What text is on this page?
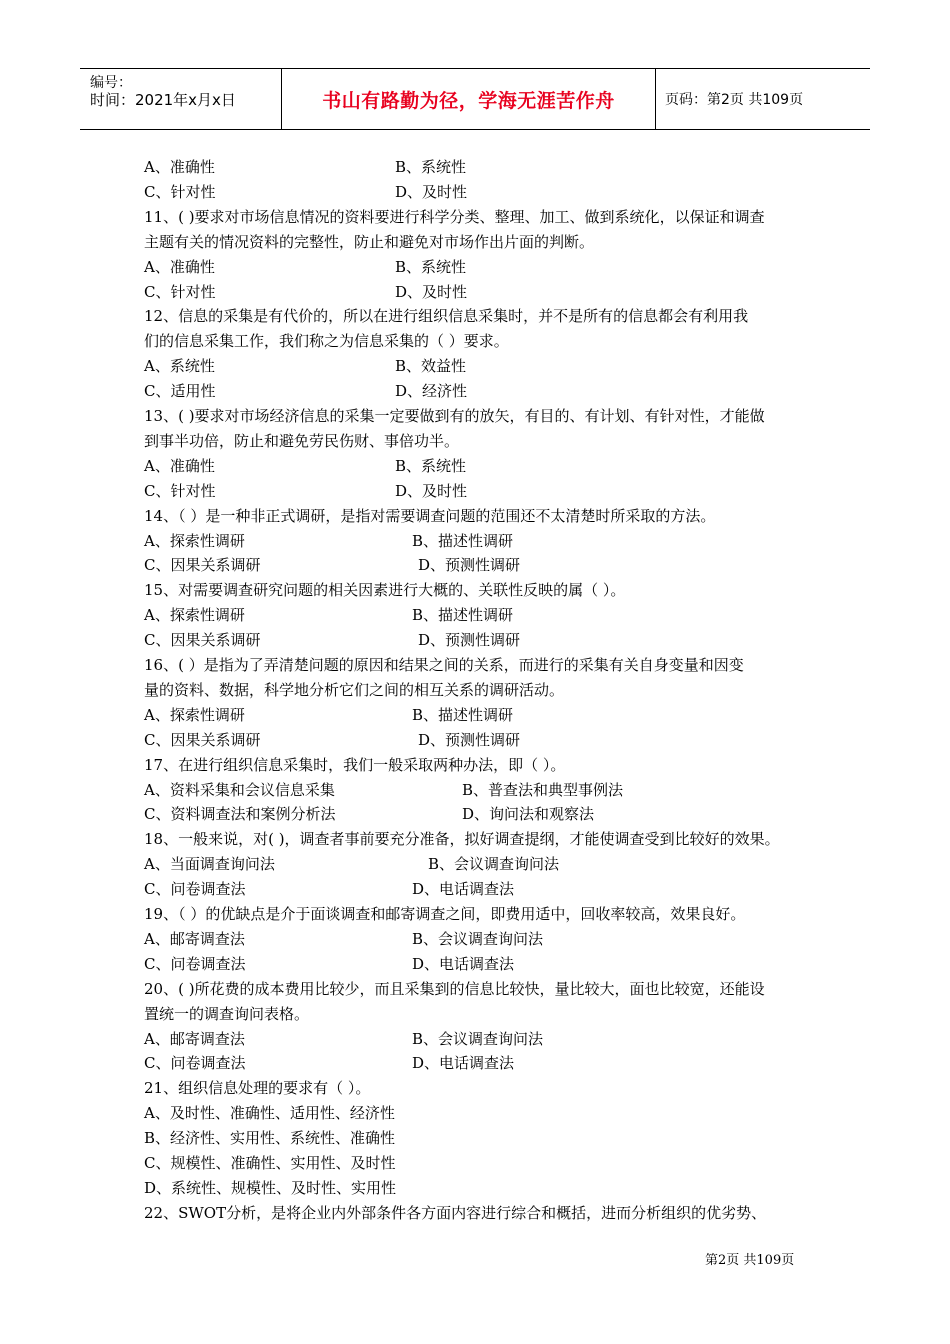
编号：
时间：2021年x月x日	书山有路勤为径，学海无涯苦作舟	页码：第2页 共109页
A、准确性	B、系统性
C、针对性	D、及时性
11、( )要求对市场信息情况的资料要进行科学分类、整理、加工、做到系统化，以保证和调查
主题有关的情况资料的完整性，防止和避免对市场作出片面的判断。
A、准确性	B、系统性
C、针对性	D、及时性
12、信息的采集是有代价的，所以在进行组织信息采集时，并不是所有的信息都会有利用我
们的信息采集工作，我们称之为信息采集的（ ）要求。
A、系统性	B、效益性
C、适用性	D、经济性
13、( )要求对市场经济信息的采集一定要做到有的放矢，有目的、有计划、有针对性，才能做
到事半功倍，防止和避免劳民伤财、事倍功半。
A、准确性	B、系统性
C、针对性	D、及时性
14、（ ）是一种非正式调研，是指对需要调查问题的范围还不太清楚时所采取的方法。
A、探索性调研	B、描述性调研
C、因果关系调研	D、预测性调研
15、对需要调查研究问题的相关因素进行大概的、关联性反映的属（ ）。
A、探索性调研	B、描述性调研
C、因果关系调研	D、预测性调研
16、( ）是指为了弄清楚问题的原因和结果之间的关系，而进行的采集有关自身变量和因变
量的资料、数据，科学地分析它们之间的相互关系的调研活动。
A、探索性调研	B、描述性调研
C、因果关系调研	D、预测性调研
17、在进行组织信息采集时，我们一般采取两种办法，即（ ）。
A、资料采集和会议信息采集	B、普查法和典型事例法
C、资料调查法和案例分析法	D、询问法和观察法
18、一般来说，对( )，调查者事前要充分准备，拟好调查提纲，才能使调查受到比较好的效果。
A、当面调查询问法	B、会议调查询问法
C、问卷调查法	D、电话调查法
19、（ ）的优缺点是介于面谈调查和邮寄调查之间，即费用适中，回收率较高，效果良好。
A、邮寄调查法	B、会议调查询问法
C、问卷调查法	D、电话调查法
20、( )所花费的成本费用比较少，而且采集到的信息比较快，量比较大，面也比较宽，还能设
置统一的调查询问表格。
A、邮寄调查法	B、会议调查询问法
C、问卷调查法	D、电话调查法
21、组织信息处理的要求有（ ）。
A、及时性、准确性、适用性、经济性
B、经济性、实用性、系统性、准确性
C、规模性、准确性、实用性、及时性
D、系统性、规模性、及时性、实用性
22、SWOT分析，是将企业内外部条件各方面内容进行综合和概括，进而分析组织的优劣势、
第2页 共109页
